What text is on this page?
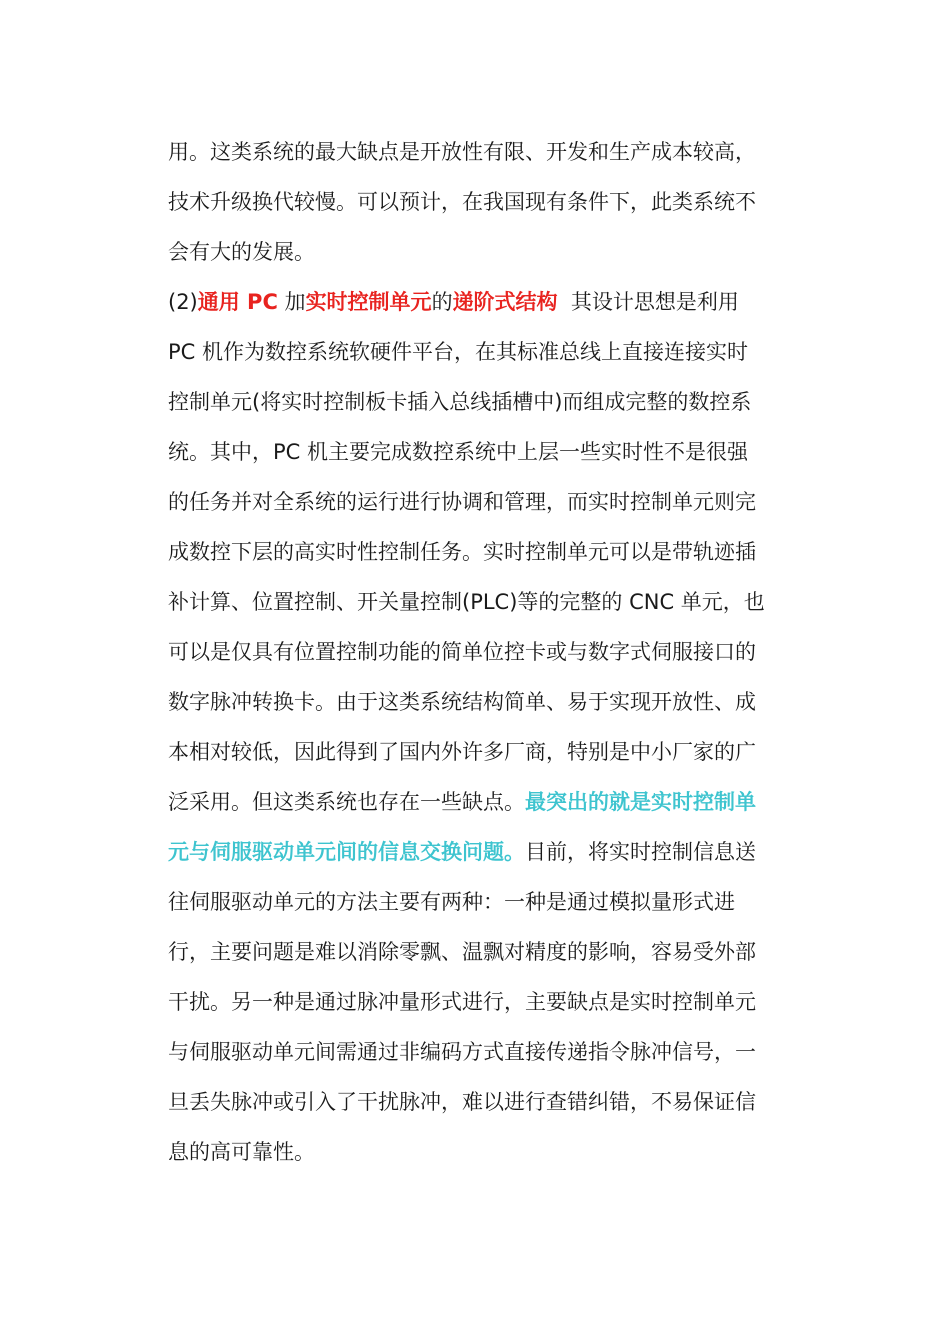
用。这类系统的最大缺点是开放性有限、开发和生产成本较高，
技术升级换代较慢。可以预计，在我国现有条件下，此类系统不
会有大的发展。
(2)通用 PC 加实时控制单元的递阶式结构  其设计思想是利用
PC 机作为数控系统软硬件平台，在其标准总线上直接连接实时
控制单元(将实时控制板卡插入总线插槽中)而组成完整的数控系
统。其中，PC 机主要完成数控系统中上层一些实时性不是很强
的任务并对全系统的运行进行协调和管理，而实时控制单元则完
成数控下层的高实时性控制任务。实时控制单元可以是带轨迹插
补计算、位置控制、开关量控制(PLC)等的完整的 CNC 单元，也
可以是仅具有位置控制功能的简单位控卡或与数字式伺服接口的
数字脉冲转换卡。由于这类系统结构简单、易于实现开放性、成
本相对较低，因此得到了国内外许多厂商，特别是中小厂家的广
泛采用。但这类系统也存在一些缺点。最突出的就是实时控制单
元与伺服驱动单元间的信息交换问题。目前，将实时控制信息送
往伺服驱动单元的方法主要有两种：一种是通过模拟量形式进
行，主要问题是难以消除零飘、温飘对精度的影响，容易受外部
干扰。另一种是通过脉冲量形式进行，主要缺点是实时控制单元
与伺服驱动单元间需通过非编码方式直接传递指令脉冲信号，一
旦丢失脉冲或引入了干扰脉冲，难以进行查错纠错，不易保证信
息的高可靠性。
